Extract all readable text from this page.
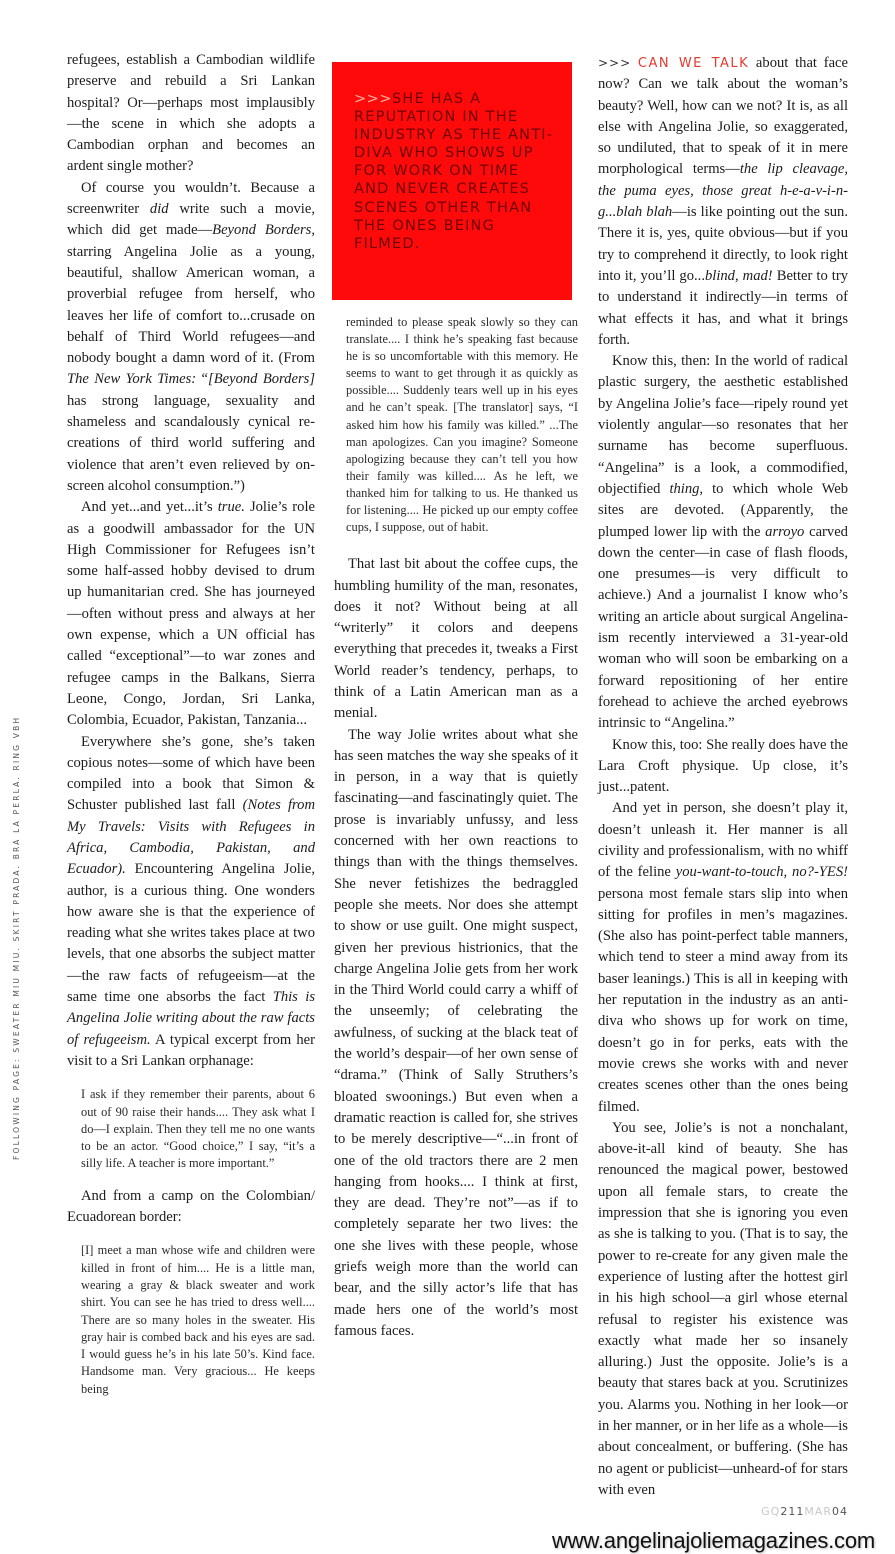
refugees, establish a Cambodian wildlife preserve and rebuild a Sri Lankan hospital? Or—perhaps most implausibly—the scene in which she adopts a Cambodian orphan and becomes an ardent single mother?

Of course you wouldn’t. Because a screenwriter did write such a movie, which did get made—Beyond Borders, starring Angelina Jolie as a young, beautiful, shallow American woman, a proverbial refugee from herself, who leaves her life of comfort to...crusade on behalf of Third World refugees—and nobody bought a damn word of it. (From The New York Times: “[Beyond Borders] has strong language, sexuality and shameless and scandalously cynical re-creations of third world suffering and violence that aren’t even relieved by on-screen alcohol consumption.”)

And yet...and yet...it’s true. Jolie’s role as a goodwill ambassador for the UN High Commissioner for Refugees isn’t some half-assed hobby devised to drum up humanitarian cred. She has journeyed—often without press and always at her own expense, which a UN official has called “exceptional”—to war zones and refugee camps in the Balkans, Sierra Leone, Congo, Jordan, Sri Lanka, Colombia, Ecuador, Pakistan, Tanzania...

Everywhere she’s gone, she’s taken copious notes—some of which have been compiled into a book that Simon & Schuster published last fall (Notes from My Travels: Visits with Refugees in Africa, Cambodia, Pakistan, and Ecuador). Encountering Angelina Jolie, author, is a curious thing. One wonders how aware she is that the experience of reading what she writes takes place at two levels, that one absorbs the subject matter—the raw facts of refugeeism—at the same time one absorbs the fact This is Angelina Jolie writing about the raw facts of refugeeism. A typical excerpt from her visit to a Sri Lankan orphanage:

I ask if they remember their parents, about 6 out of 90 raise their hands.... They ask what I do—I explain. Then they tell me no one wants to be an actor. “Good choice,” I say, “it’s a silly life. A teacher is more important.”

And from a camp on the Colombian/ Ecuadorean border:

[I] meet a man whose wife and children were killed in front of him.... He is a little man, wearing a gray & black sweater and work shirt. You can see he has tried to dress well.... There are so many holes in the sweater. His gray hair is combed back and his eyes are sad. I would guess he’s in his late 50’s. Kind face. Handsome man. Very gracious... He keeps being

>>>SHE HAS A REPUTATION IN THE INDUSTRY AS THE ANTI-DIVA WHO SHOWS UP FOR WORK ON TIME AND NEVER CREATES SCENES OTHER THAN THE ONES BEING FILMED.

reminded to please speak slowly so they can translate.... I think he’s speaking fast because he is so uncomfortable with this memory. He seems to want to get through it as quickly as possible.... Suddenly tears well up in his eyes and he can’t speak. [The translator] says, “I asked him how his family was killed.” ...The man apologizes. Can you imagine? Someone apologizing because they can’t tell you how their family was killed.... As he left, we thanked him for talking to us. He thanked us for listening.... He picked up our empty coffee cups, I suppose, out of habit.

That last bit about the coffee cups, the humbling humility of the man, resonates, does it not? Without being at all “writerly” it colors and deepens everything that precedes it, tweaks a First World reader’s tendency, perhaps, to think of a Latin American man as a menial.

The way Jolie writes about what she has seen matches the way she speaks of it in person, in a way that is quietly fascinating—and fascinatingly quiet. The prose is invariably unfussy, and less concerned with her own reactions to things than with the things themselves. She never fetishizes the bedraggled people she meets. Nor does she attempt to show or use guilt. One might suspect, given her previous histrionics, that the charge Angelina Jolie gets from her work in the Third World could carry a whiff of the unseemly; of celebrating the awfulness, of sucking at the black teat of the world’s despair—of her own sense of “drama.” (Think of Sally Struthers’s bloated swoonings.) But even when a dramatic reaction is called for, she strives to be merely descriptive—“...in front of one of the old tractors there are 2 men hanging from hooks.... I think at first, they are dead. They’re not”—as if to completely separate her two lives: the one she lives with these people, whose griefs weigh more than the world can bear, and the silly actor’s life that has made hers one of the world’s most famous faces.

>>> CAN WE TALK about that face now? Can we talk about the woman’s beauty? Well, how can we not? It is, as all else with Angelina Jolie, so exaggerated, so undiluted, that to speak of it in mere morphological terms—the lip cleavage, the puma eyes, those great h-e-a-v-i-n-g...blah blah—is like pointing out the sun. There it is, yes, quite obvious—but if you try to comprehend it directly, to look right into it, you’ll go...blind, mad! Better to try to understand it indirectly—in terms of what effects it has, and what it brings forth.

Know this, then: In the world of radical plastic surgery, the aesthetic established by Angelina Jolie’s face—ripely round yet violently angular—so resonates that her surname has become superfluous. “Angelina” is a look, a commodified, objectified thing, to which whole Web sites are devoted. (Apparently, the plumped lower lip with the arroyo carved down the center—in case of flash floods, one presumes—is very difficult to achieve.) And a journalist I know who’s writing an article about surgical Angelina-ism recently interviewed a 31-year-old woman who will soon be embarking on a forward repositioning of her entire forehead to achieve the arched eyebrows intrinsic to “Angelina.”

Know this, too: She really does have the Lara Croft physique. Up close, it’s just...patent.

And yet in person, she doesn’t play it, doesn’t unleash it. Her manner is all civility and professionalism, with no whiff of the feline you-want-to-touch, no?-YES! persona most female stars slip into when sitting for profiles in men’s magazines. (She also has point-perfect table manners, which tend to steer a mind away from its baser leanings.) This is all in keeping with her reputation in the industry as an anti-diva who shows up for work on time, doesn’t go in for perks, eats with the movie crews she works with and never creates scenes other than the ones being filmed.

You see, Jolie’s is not a nonchalant, above-it-all kind of beauty. She has renounced the magical power, bestowed upon all female stars, to create the impression that she is ignoring you even as she is talking to you. (That is to say, the power to re-create for any given male the experience of lusting after the hottest girl in his high school—a girl whose eternal refusal to register his existence was exactly what made her so insanely alluring.) Just the opposite. Jolie’s is a beauty that stares back at you. Scrutinizes you. Alarms you. Nothing in her look—or in her manner, or in her life as a whole—is about concealment, or buffering. (She has no agent or publicist—unheard-of for stars with even

FOLLOWING PAGE: SWEATER MIU MIU. SKIRT PRADA. BRA LA PERLA. RING VBH
GQ211MAR04
www.angelinajoliemagazines.com
